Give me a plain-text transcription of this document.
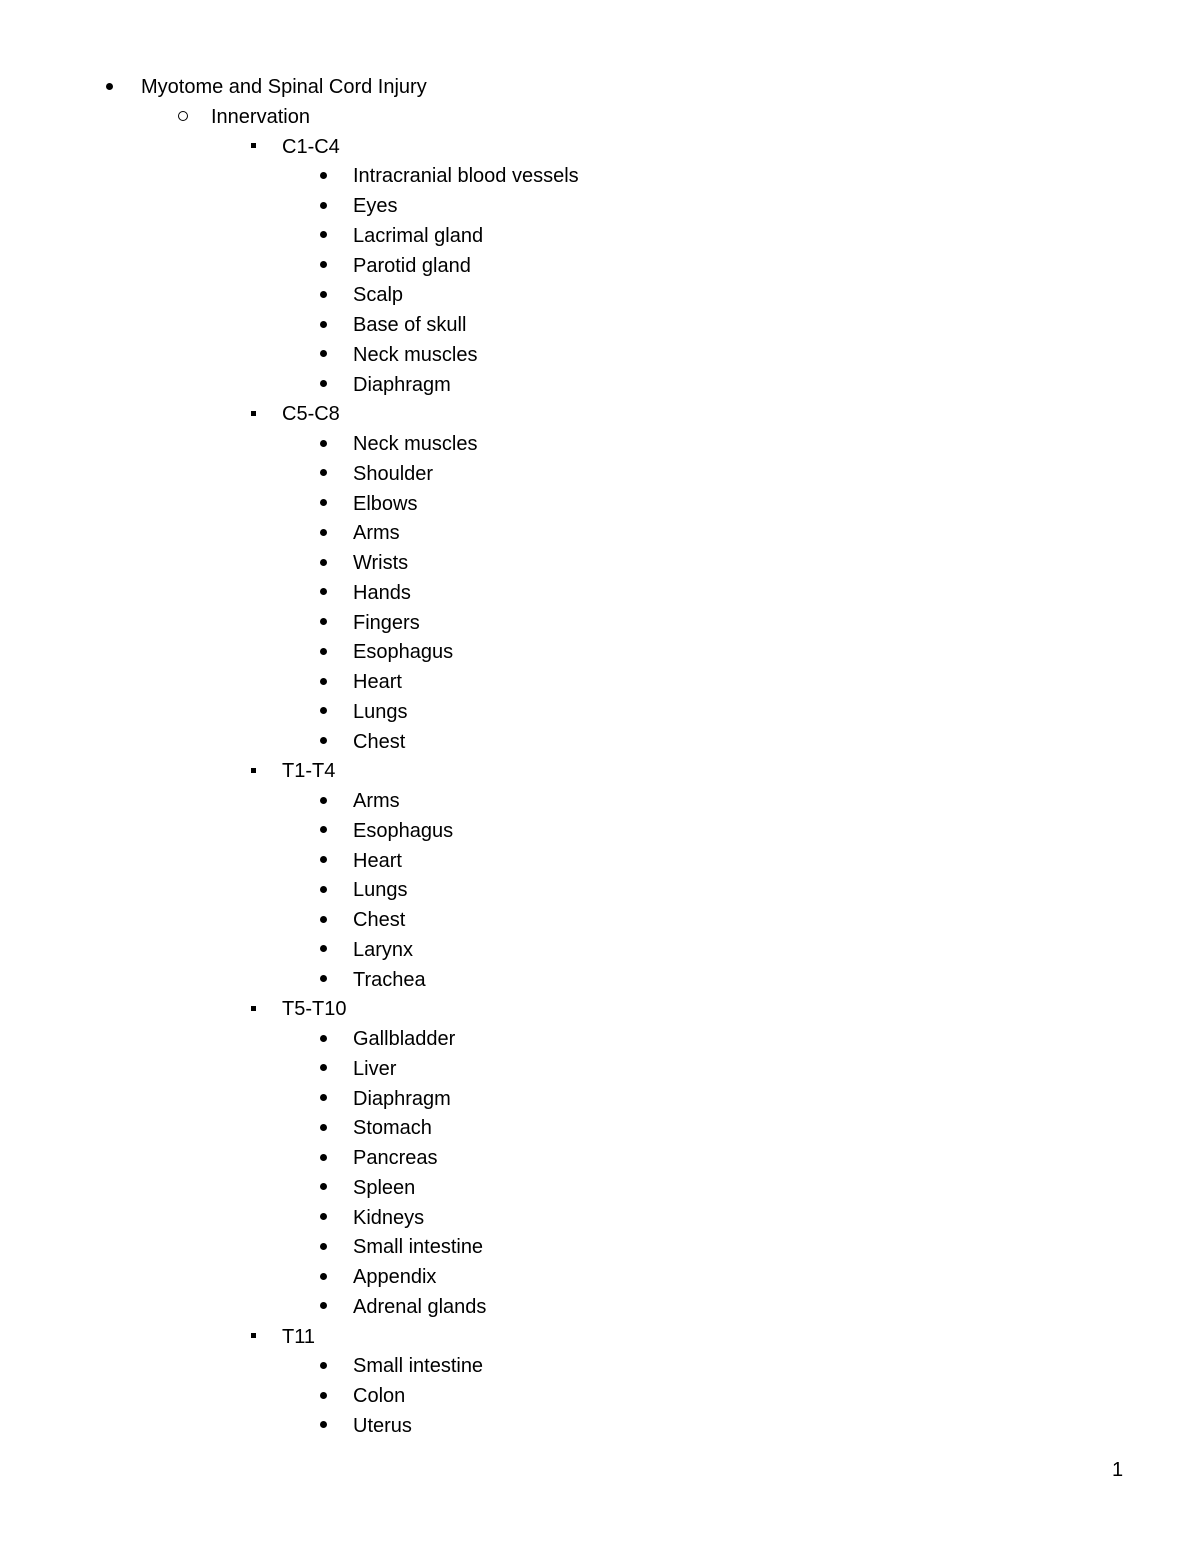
Myotome and Spinal Cord Injury
Innervation
C1-C4
Intracranial blood vessels
Eyes
Lacrimal gland
Parotid gland
Scalp
Base of skull
Neck muscles
Diaphragm
C5-C8
Neck muscles
Shoulder
Elbows
Arms
Wrists
Hands
Fingers
Esophagus
Heart
Lungs
Chest
T1-T4
Arms
Esophagus
Heart
Lungs
Chest
Larynx
Trachea
T5-T10
Gallbladder
Liver
Diaphragm
Stomach
Pancreas
Spleen
Kidneys
Small intestine
Appendix
Adrenal glands
T11
Small intestine
Colon
Uterus
1
